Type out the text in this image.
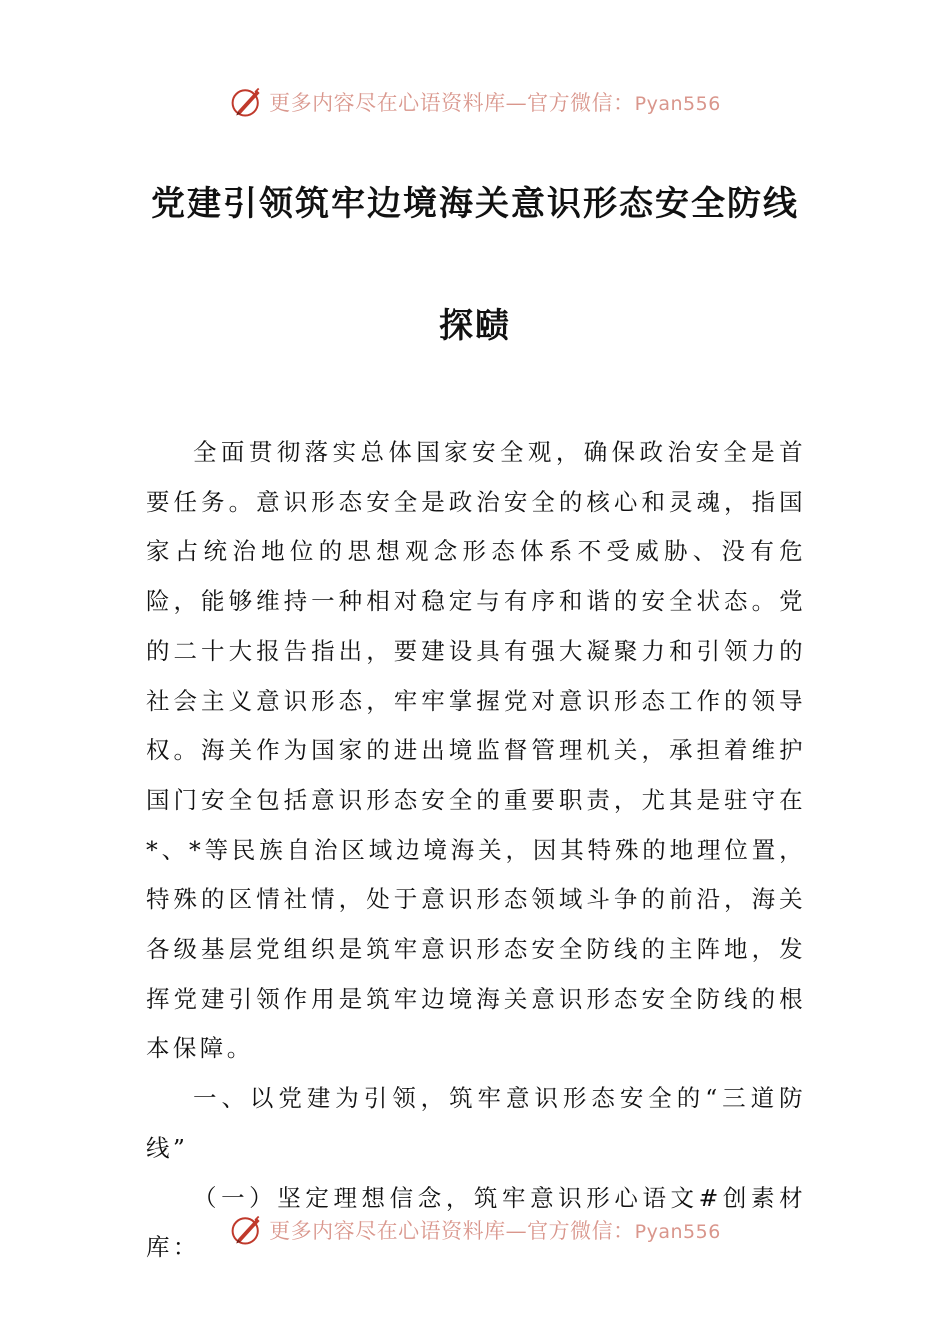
更多内容尽在心语资料库—官方微信：Pyan556
党建引领筑牢边境海关意识形态安全防线
探赜

全面贯彻落实总体国家安全观，确保政治安全是首要任务。意识形态安全是政治安全的核心和灵魂，指国家占统治地位的思想观念形态体系不受威胁、没有危险，能够维持一种相对稳定与有序和谐的安全状态。党的二十大报告指出，要建设具有强大凝聚力和引领力的社会主义意识形态，牢牢掌握党对意识形态工作的领导权。海关作为国家的进出境监督管理机关，承担着维护国门安全包括意识形态安全的重要职责，尤其是驻守在*、*等民族自治区域边境海关，因其特殊的地理位置，特殊的区情社情，处于意识形态领域斗争的前沿，海关各级基层党组织是筑牢意识形态安全防线的主阵地，发挥党建引领作用是筑牢边境海关意识形态安全防线的根本保障。

一、以党建为引领，筑牢意识形态安全的“三道防线”

（一）坚定理想信念，筑牢意识形心语文#创素材库：

更多内容尽在心语资料库—官方微信：Pyan556
